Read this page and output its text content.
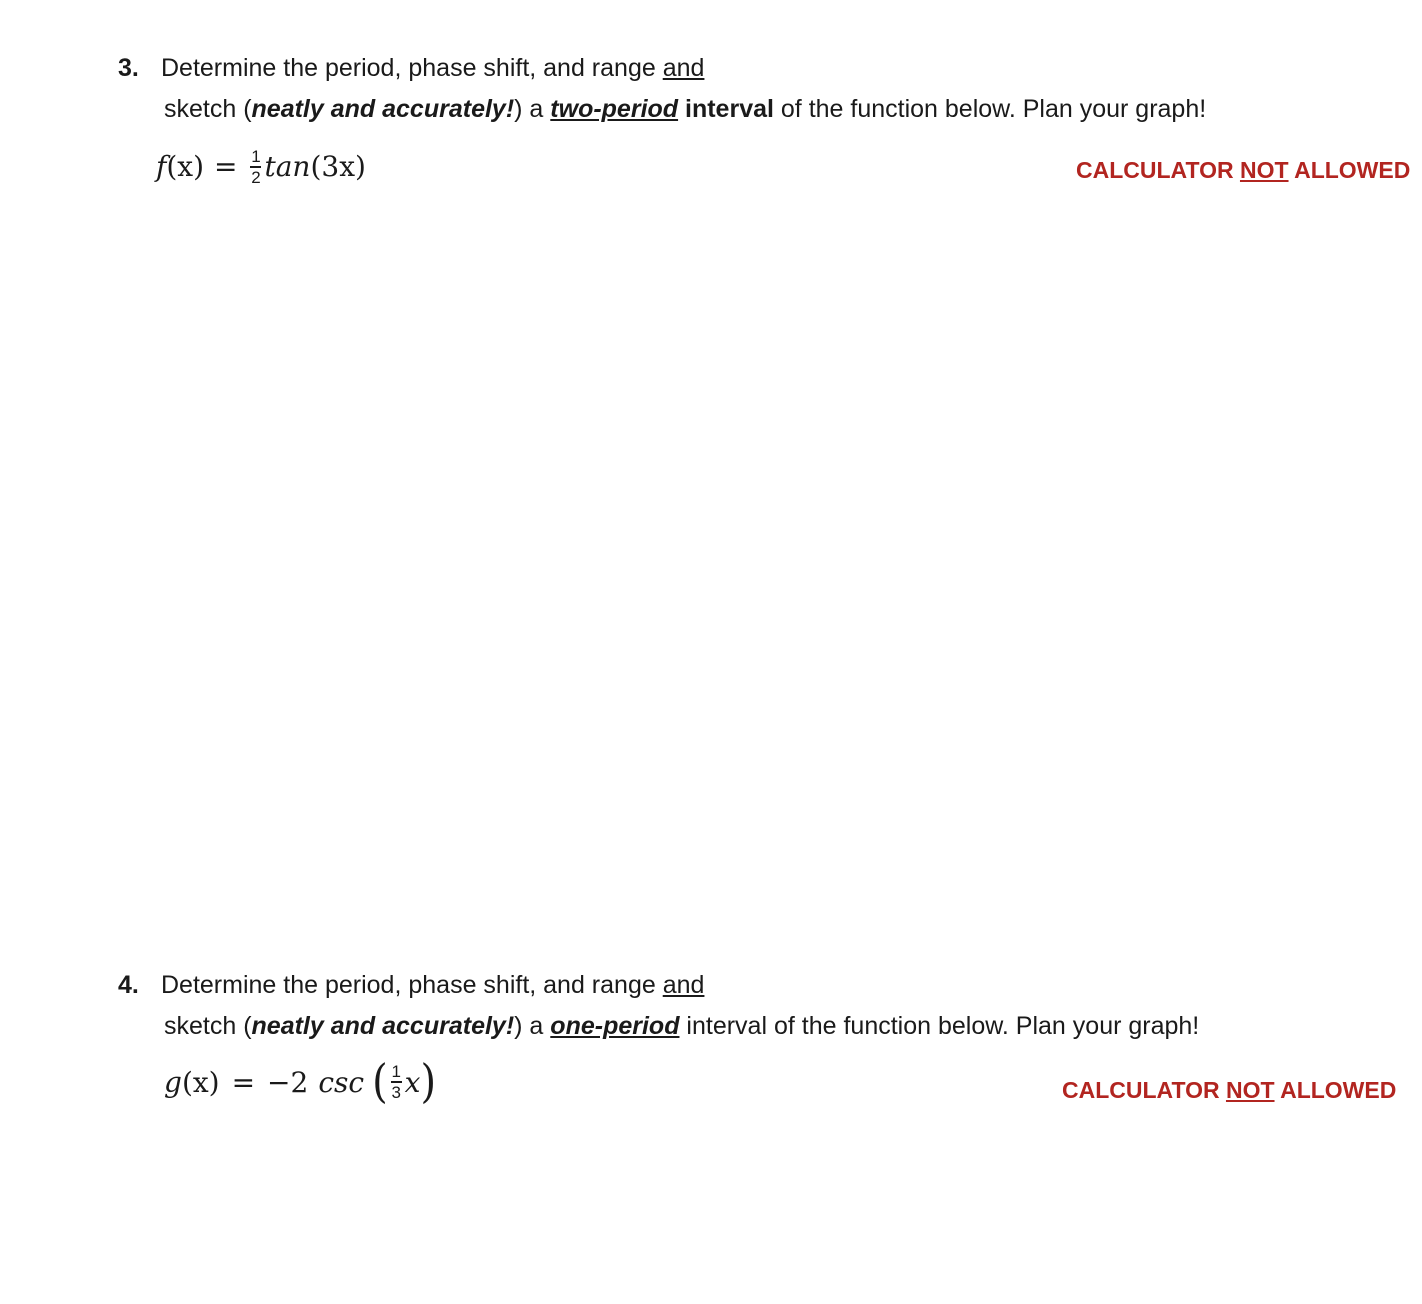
3. Determine the period, phase shift, and range and
sketch (neatly and accurately!) a two-period interval of the function below. Plan your graph!
f $(x) = \frac{1}{2}$ tan (3x)	CALCULATOR NOT ALLOWED
4. Determine the period, phase shift, and range and
sketch (neatly and accurately!) a one-period interval of the function below. Plan your graph!
g (x) = −2 csc ( $\frac{1}{3}$ x )	CALCULATOR NOT ALLOWED
